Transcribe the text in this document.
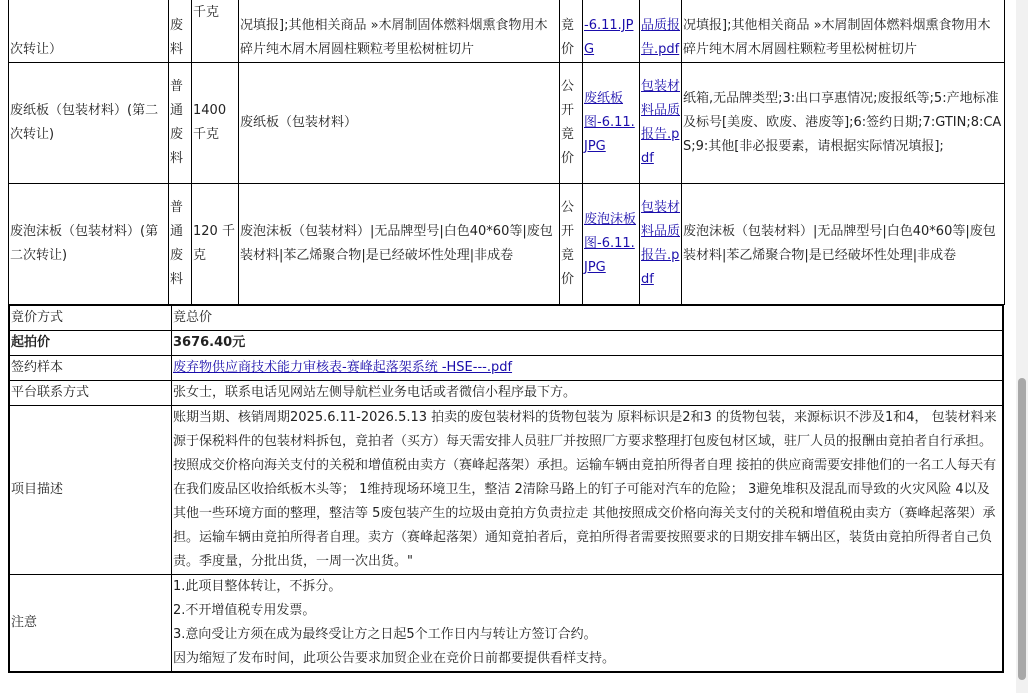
次转让）	废料	千克	况填报];其他相关商品 »木屑制固体燃料烟熏食物用木碎片纯木屑木屑圆柱颗粒考里松树桩切片	竟价	-6.11.JPG	品质报告.pdf	况填报];其他相关商品 »木屑制固体燃料烟熏食物用木碎片纯木屑木屑圆柱颗粒考里松树桩切片
废纸板（包装材料）(第二次转让)	普通废料	1400千克	废纸板（包装材料）	公开竟价	废纸板图-6.11.JPG	包装材料品质报告.pdf	纸箱,无品牌类型;3:出口享惠情况;废报纸等;5:产地标准及标号[美废、欧废、港废等];6:签约日期;7:GTIN;8:CAS;9:其他[非必报要素，请根据实际情况填报];
废泡沫板（包装材料）(第二次转让)	普通废料	120 千克	废泡沫板（包装材料）|无品牌型号|白色40*60等|废包装材料|苯乙烯聚合物|是已经破坏性处理|非成卷	公开竟价	废泡沫板图-6.11.JPG	包装材料品质报告.pdf	废泡沫板（包装材料）|无品牌型号|白色40*60等|废包装材料|苯乙烯聚合物|是已经破坏性处理|非成卷
竟价方式	竟总价
起拍价	3676.40元
签约样本	废弃物供应商技术能力审核表-赛峰起落架系统 -HSE---.pdf
平台联系方式	张女士，联系电话见网站左侧导航栏业务电话或者微信小程序最下方。
项目描述	账期当期、核销周期2025.6.11-2026.5.13 拍卖的废包装材料的货物包装为 原料标识是2和3 的货物包装，来源标识不涉及1和4， 包装材料来源于保税料件的包装材料拆包，竟拍者（买方）每天需安排人员驻厂并按照厂方要求整理打包废包材区域，驻厂人员的报酬由竟拍者自行承担。按照成交价格向海关支付的关税和增值税由卖方（赛峰起落架）承担。运输车辆由竟拍所得者自理 接拍的供应商需要安排他们的一名工人每天有在我们废品区收拾纸板木头等； 1维持现场环境卫生，整洁 2清除马路上的钉子可能对汽车的危险； 3避免堆积及混乱而导致的火灾风险 4以及其他一些环境方面的整理，整洁等 5废包装产生的垃圾由竟拍方负责拉走 其他按照成交价格向海关支付的关税和增值税由卖方（赛峰起落架）承担。运输车辆由竟拍所得者自理。卖方（赛峰起落架）通知竟拍者后，竟拍所得者需要按照要求的日期安排车辆出区，装货由竟拍所得者自己负责。季度量，分批出货，一周一次出货。"
注意	1.此项目整体转让，不拆分。
2.不开增值税专用发票。
3.意向受让方须在成为最终受让方之日起5个工作日内与转让方签订合约。
因为缩短了发布时间，此项公告要求加贸企业在竞价日前都要提供看样支持。
